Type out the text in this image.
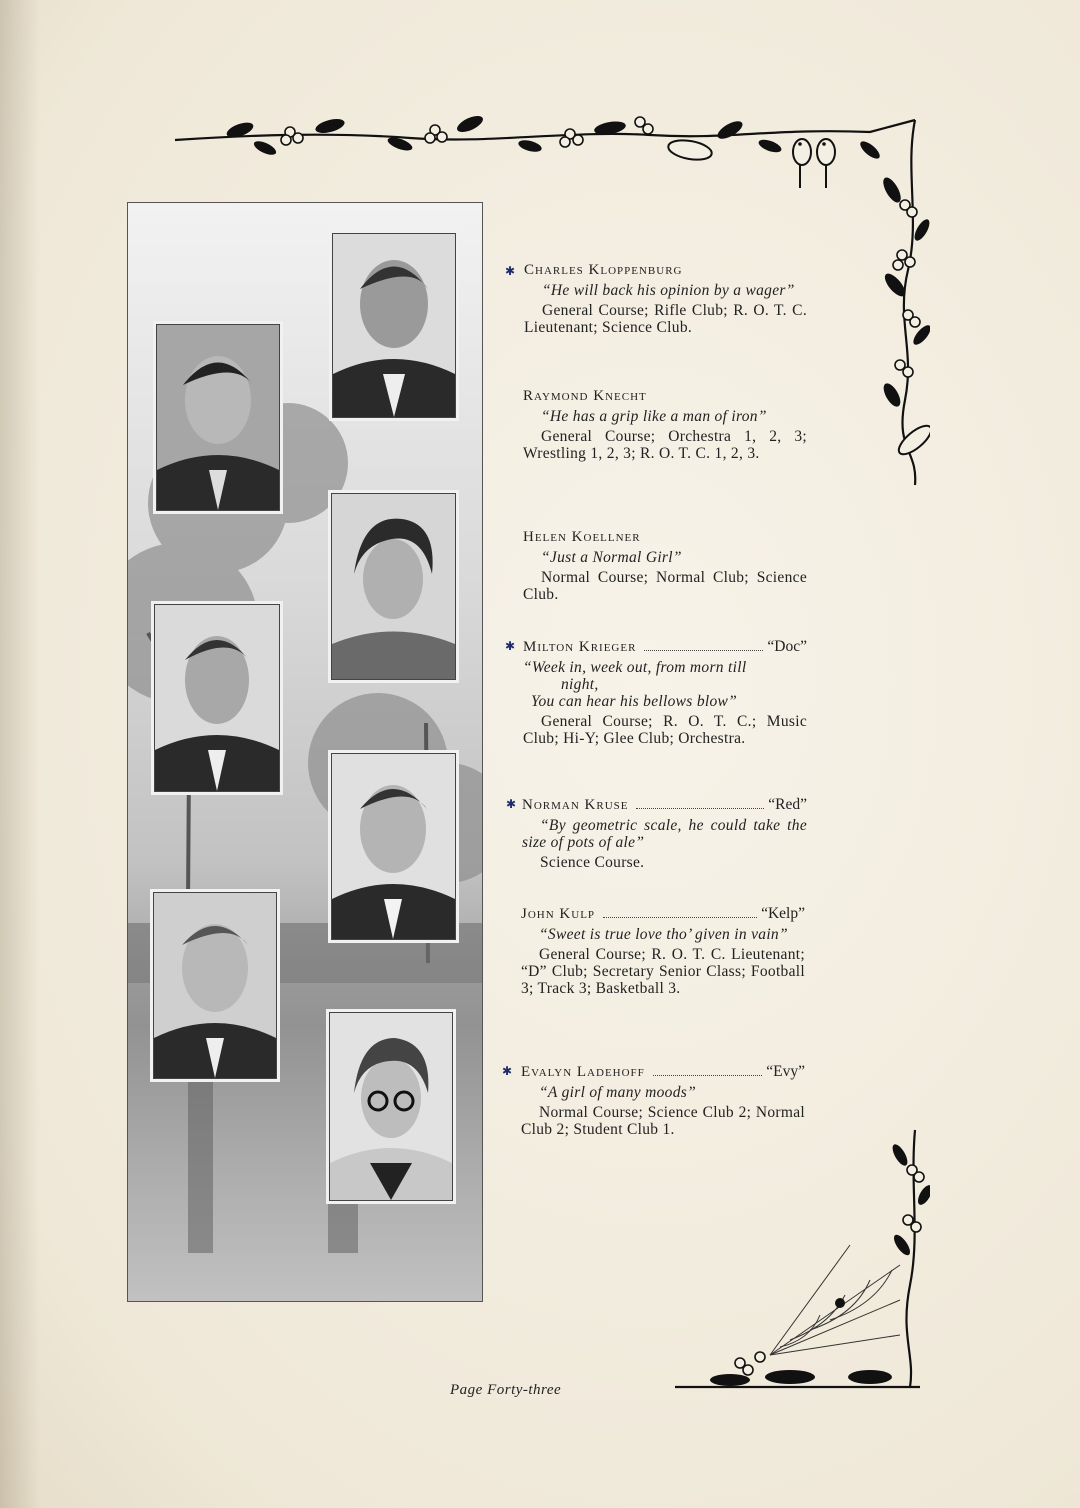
✱ Charles Kloppenburg
“He will back his opinion by a wager”
General Course; Rifle Club; R. O. T. C. Lieutenant; Science Club.
Raymond Knecht
“He has a grip like a man of iron”
General Course; Orchestra 1, 2, 3; Wrestling 1, 2, 3; R. O. T. C. 1, 2, 3.
Helen Koellner
“Just a Normal Girl”
Normal Course; Normal Club; Science Club.
✱ Milton Krieger	“Doc”
“Week in, week out, from morn till
night,
You can hear his bellows blow”
General Course; R. O. T. C.; Music Club; Hi-Y; Glee Club; Orchestra.
✱ Norman Kruse	“Red”
“By geometric scale, he could take the size of pots of ale”
Science Course.
John Kulp	“Kelp”
“Sweet is true love tho’ given in vain”
General Course; R. O. T. C. Lieutenant; “D” Club; Secretary Senior Class; Football 3; Track 3; Basketball 3.
✱ Evalyn Ladehoff	“Evy”
“A girl of many moods”
Normal Course; Science Club 2; Normal Club 2; Student Club 1.
Page Forty-three
